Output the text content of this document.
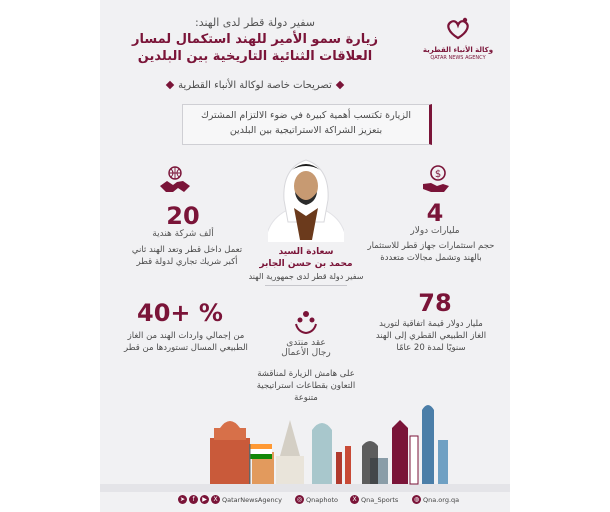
وكالة الأنباء القطرية
QATAR NEWS AGENCY
سفير دولة قطر لدى الهند:
زيارة سمو الأمير للهند استكمال لمسار
العلاقات الثنائية التاريخية بين البلدين
تصريحات خاصة لوكالة الأنباء القطرية
الزيارة تكتسب أهمية كبيرة في ضوء الالتزام المشترك
بتعزيز الشراكة الاستراتيجية بين البلدين
20
ألف شركة هندية
تعمل داخل قطر وتعد الهند ثاني
أكبر شريك تجاري لدولة قطر
40+ %
من إجمالي واردات الهند من الغاز
الطبيعي المسال تستوردها من قطر
سعادة السيد
محمد بن حسن الجابر
سفير دولة قطر لدى جمهورية الهند
عقد منتدى
رجال الأعمال
على هامش الزيارة لمناقشة
التعاون بقطاعات استراتيجية
متنوعة
$
4
مليارات دولار
حجم استثمارات جهاز قطر للاستثمار
بالهند وتشمل مجالات متعددة
78
مليار دولار قيمة اتفاقية لتوريد
الغاز الطبيعي القطري إلى الهند
سنويًا لمدة 20 عامًا
➤	f	▶	X QatarNewsAgency	◎ Qnaphoto	X Qna_Sports	◍ Qna.org.qa
